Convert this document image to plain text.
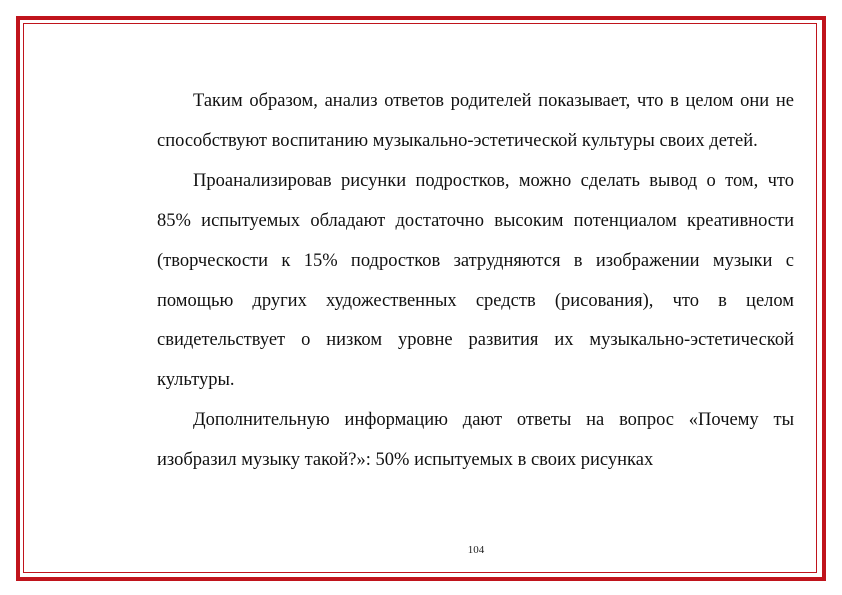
Таким образом, анализ ответов родителей показывает, что в целом они не способствуют воспитанию музыкально-эстетической культуры своих детей.

Проанализировав рисунки подростков, можно сделать вывод о том, что 85% испытуемых обладают достаточно высоким потенциалом креативности (творческости к 15% подростков затрудняются в изображении музыки с помощью других художественных средств (рисования), что в целом свидетельствует о низком уровне развития их музыкально-эстетической культуры.

Дополнительную информацию дают ответы на вопрос «Почему ты изобразил музыку такой?»: 50% испытуемых в своих рисунках

104
